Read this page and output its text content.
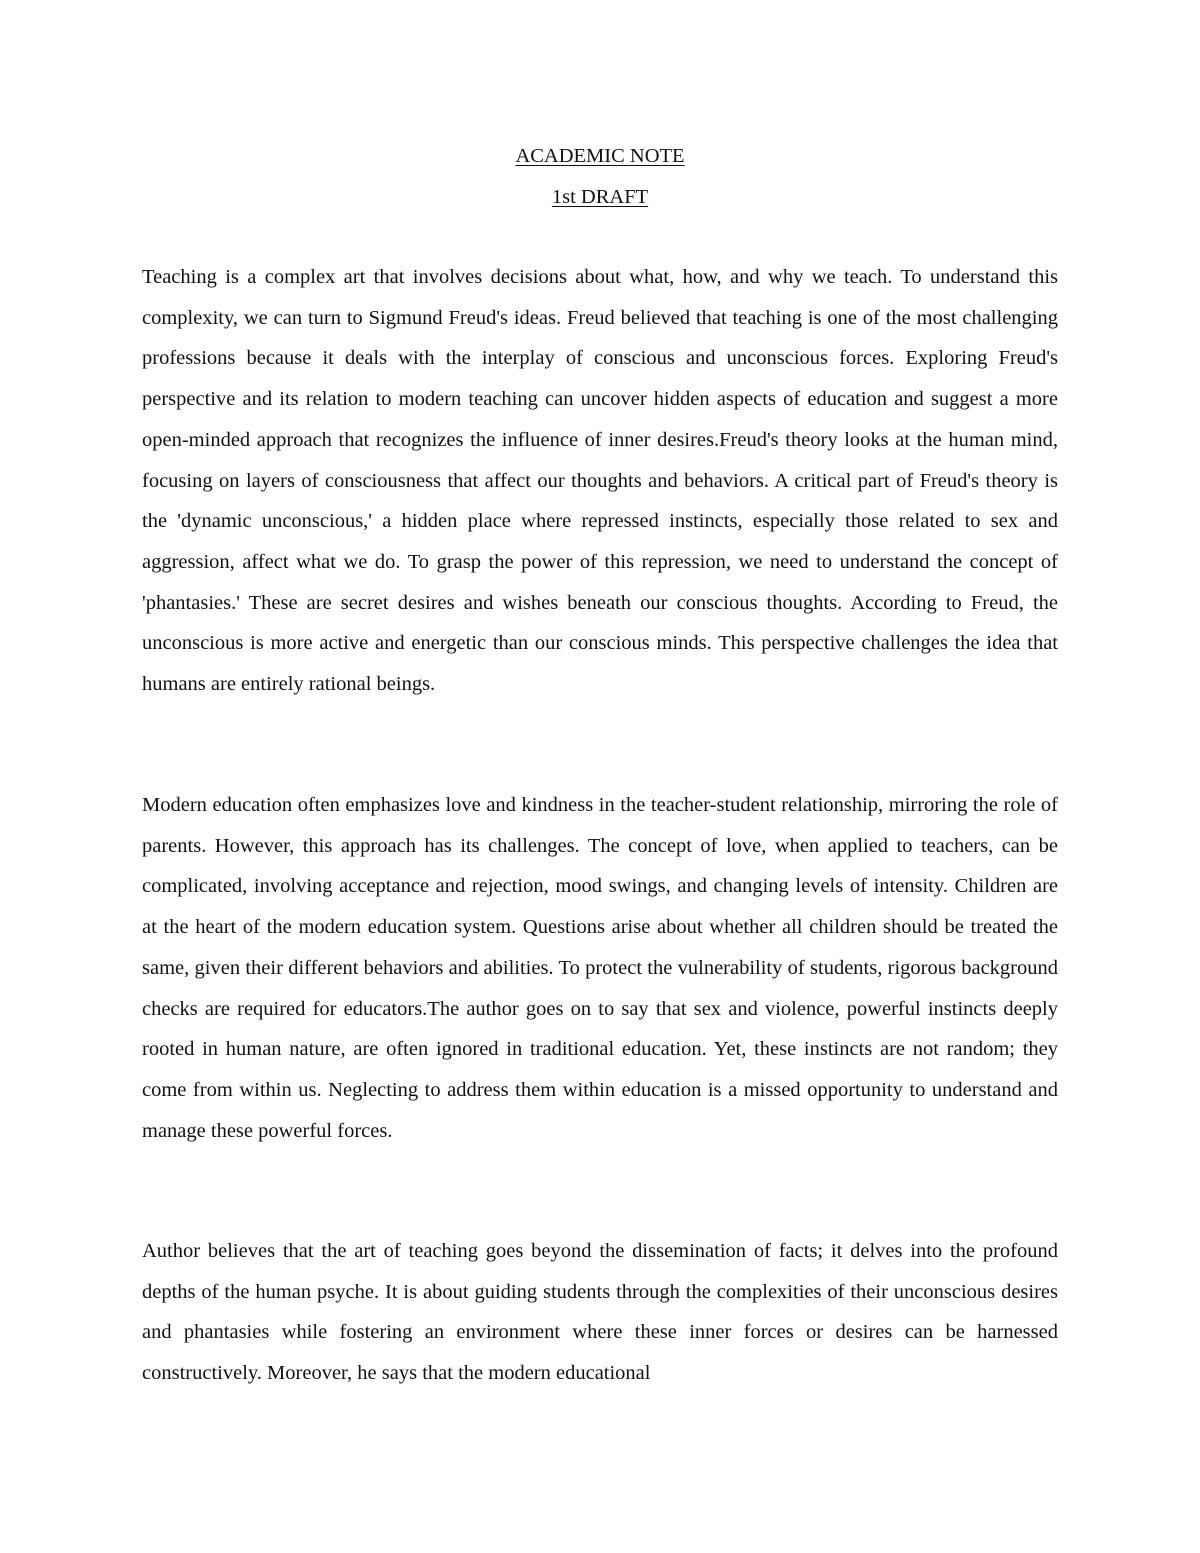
ACADEMIC NOTE
1st DRAFT

Teaching is a complex art that involves decisions about what, how, and why we teach. To understand this complexity, we can turn to Sigmund Freud's ideas. Freud believed that teaching is one of the most challenging professions because it deals with the interplay of conscious and unconscious forces. Exploring Freud's perspective and its relation to modern teaching can uncover hidden aspects of education and suggest a more open-minded approach that recognizes the influence of inner desires.Freud's theory looks at the human mind, focusing on layers of consciousness that affect our thoughts and behaviors. A critical part of Freud's theory is the 'dynamic unconscious,' a hidden place where repressed instincts, especially those related to sex and aggression, affect what we do. To grasp the power of this repression, we need to understand the concept of 'phantasies.' These are secret desires and wishes beneath our conscious thoughts. According to Freud, the unconscious is more active and energetic than our conscious minds. This perspective challenges the idea that humans are entirely rational beings.

Modern education often emphasizes love and kindness in the teacher-student relationship, mirroring the role of parents. However, this approach has its challenges. The concept of love, when applied to teachers, can be complicated, involving acceptance and rejection, mood swings, and changing levels of intensity. Children are at the heart of the modern education system. Questions arise about whether all children should be treated the same, given their different behaviors and abilities. To protect the vulnerability of students, rigorous background checks are required for educators.The author goes on to say that sex and violence, powerful instincts deeply rooted in human nature, are often ignored in traditional education. Yet, these instincts are not random; they come from within us. Neglecting to address them within education is a missed opportunity to understand and manage these powerful forces.

Author believes that the art of teaching goes beyond the dissemination of facts; it delves into the profound depths of the human psyche. It is about guiding students through the complexities of their unconscious desires and phantasies while fostering an environment where these inner forces or desires can be harnessed constructively. Moreover, he says that the modern educational
